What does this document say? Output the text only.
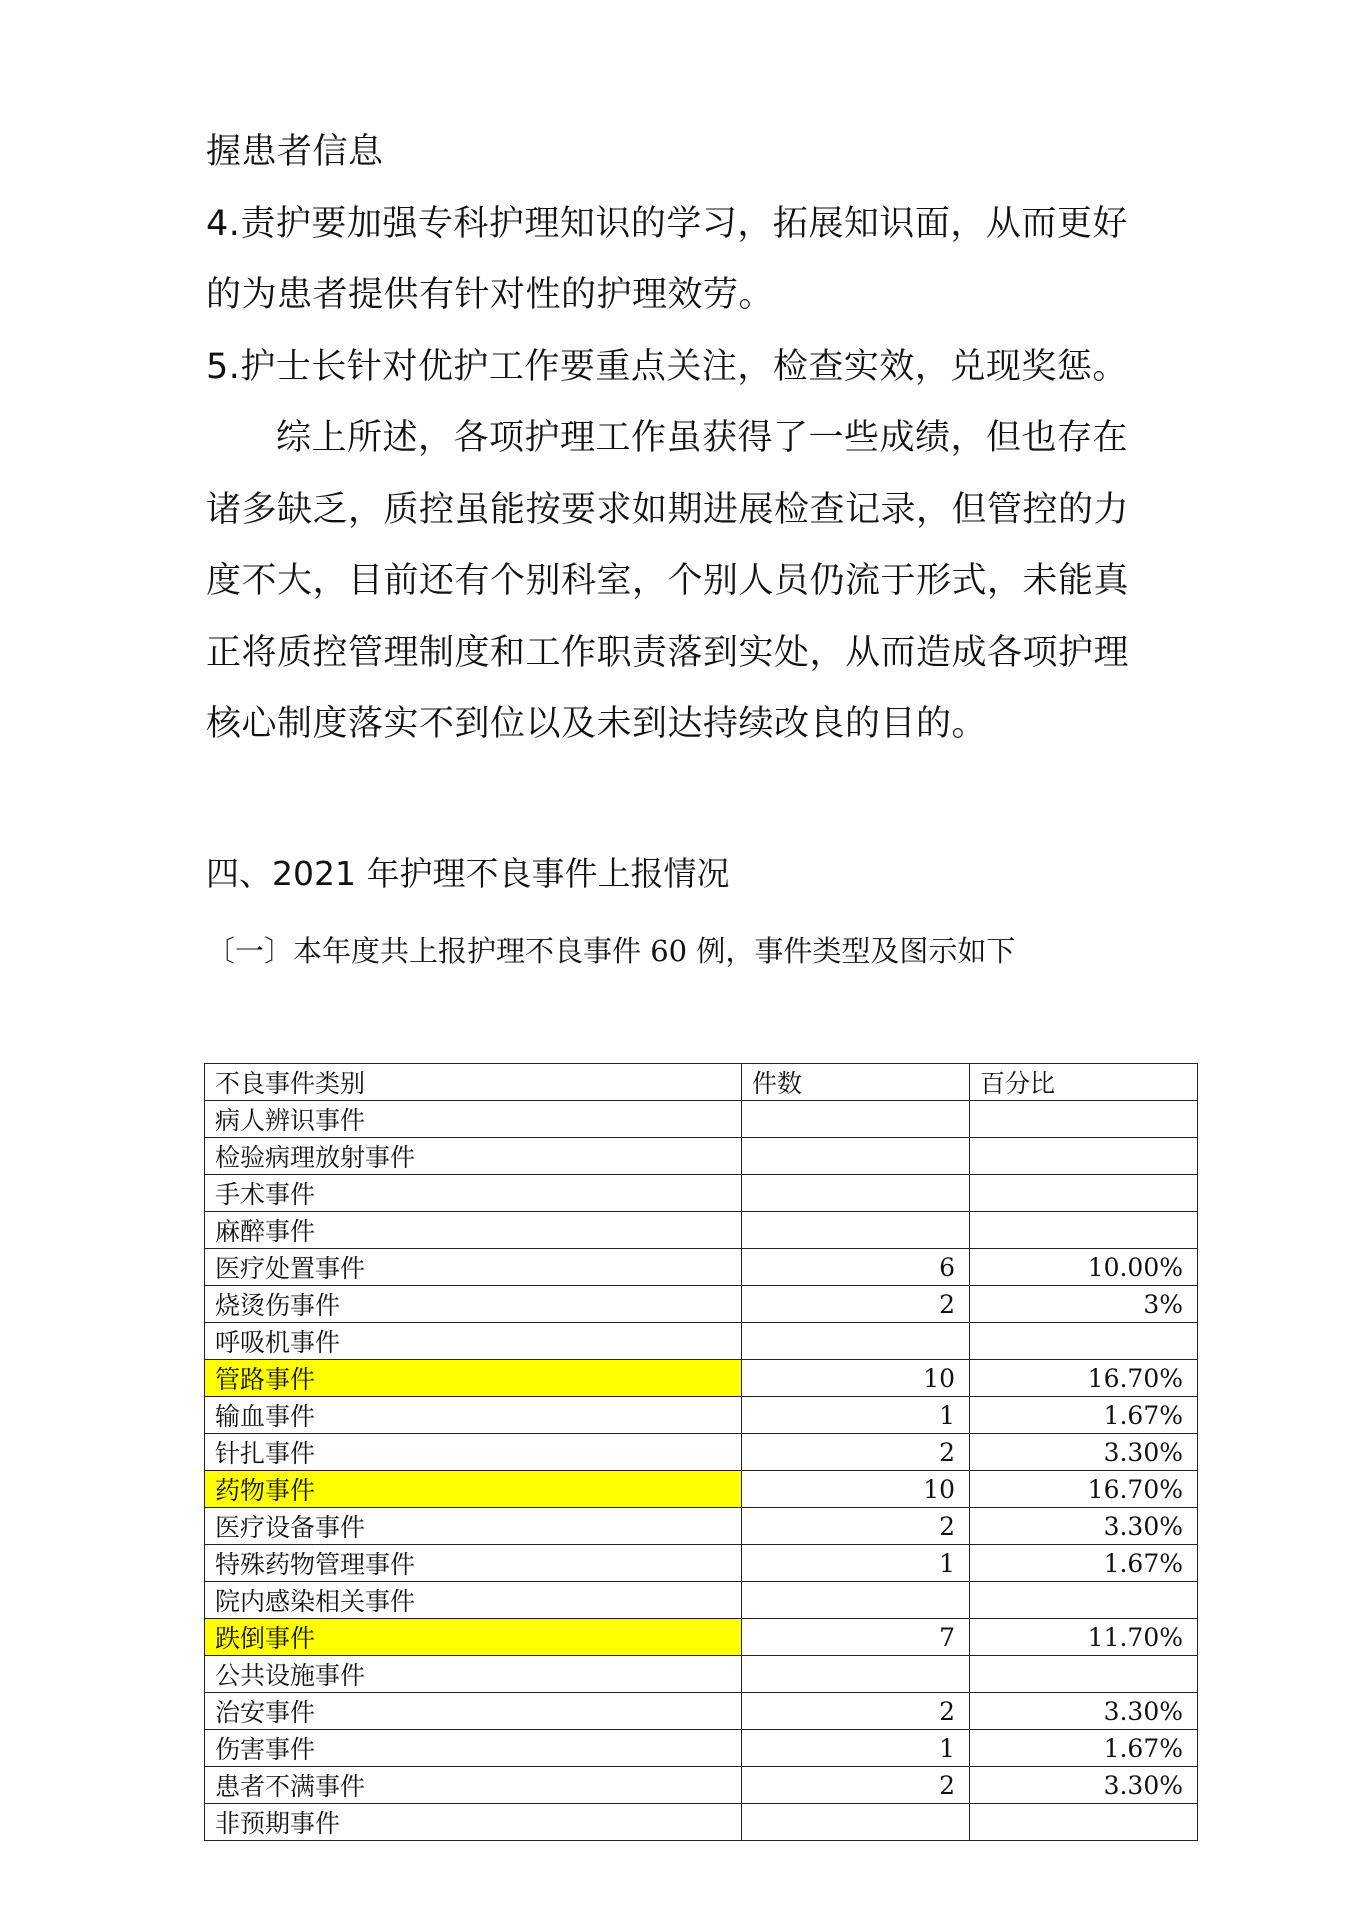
握患者信息
4.责护要加强专科护理知识的学习，拓展知识面，从而更好
的为患者提供有针对性的护理效劳。
5.护士长针对优护工作要重点关注，检查实效，兑现奖惩。
综上所述，各项护理工作虽获得了一些成绩，但也存在
诸多缺乏，质控虽能按要求如期进展检查记录，但管控的力
度不大，目前还有个别科室，个别人员仍流于形式，未能真
正将质控管理制度和工作职责落到实处，从而造成各项护理
核心制度落实不到位以及未到达持续改良的目的。
四、2021 年护理不良事件上报情况

〔一〕本年度共上报护理不良事件 60 例，事件类型及图示如下

不良事件类别	件数	百分比
病人辨识事件		
检验病理放射事件		
手术事件		
麻醉事件		
医疗处置事件	6	10.00%
烧烫伤事件	2	3%
呼吸机事件		
管路事件	10	16.70%
输血事件	1	1.67%
针扎事件	2	3.30%
药物事件	10	16.70%
医疗设备事件	2	3.30%
特殊药物管理事件	1	1.67%
院内感染相关事件		
跌倒事件	7	11.70%
公共设施事件		
治安事件	2	3.30%
伤害事件	1	1.67%
患者不满事件	2	3.30%
非预期事件		
